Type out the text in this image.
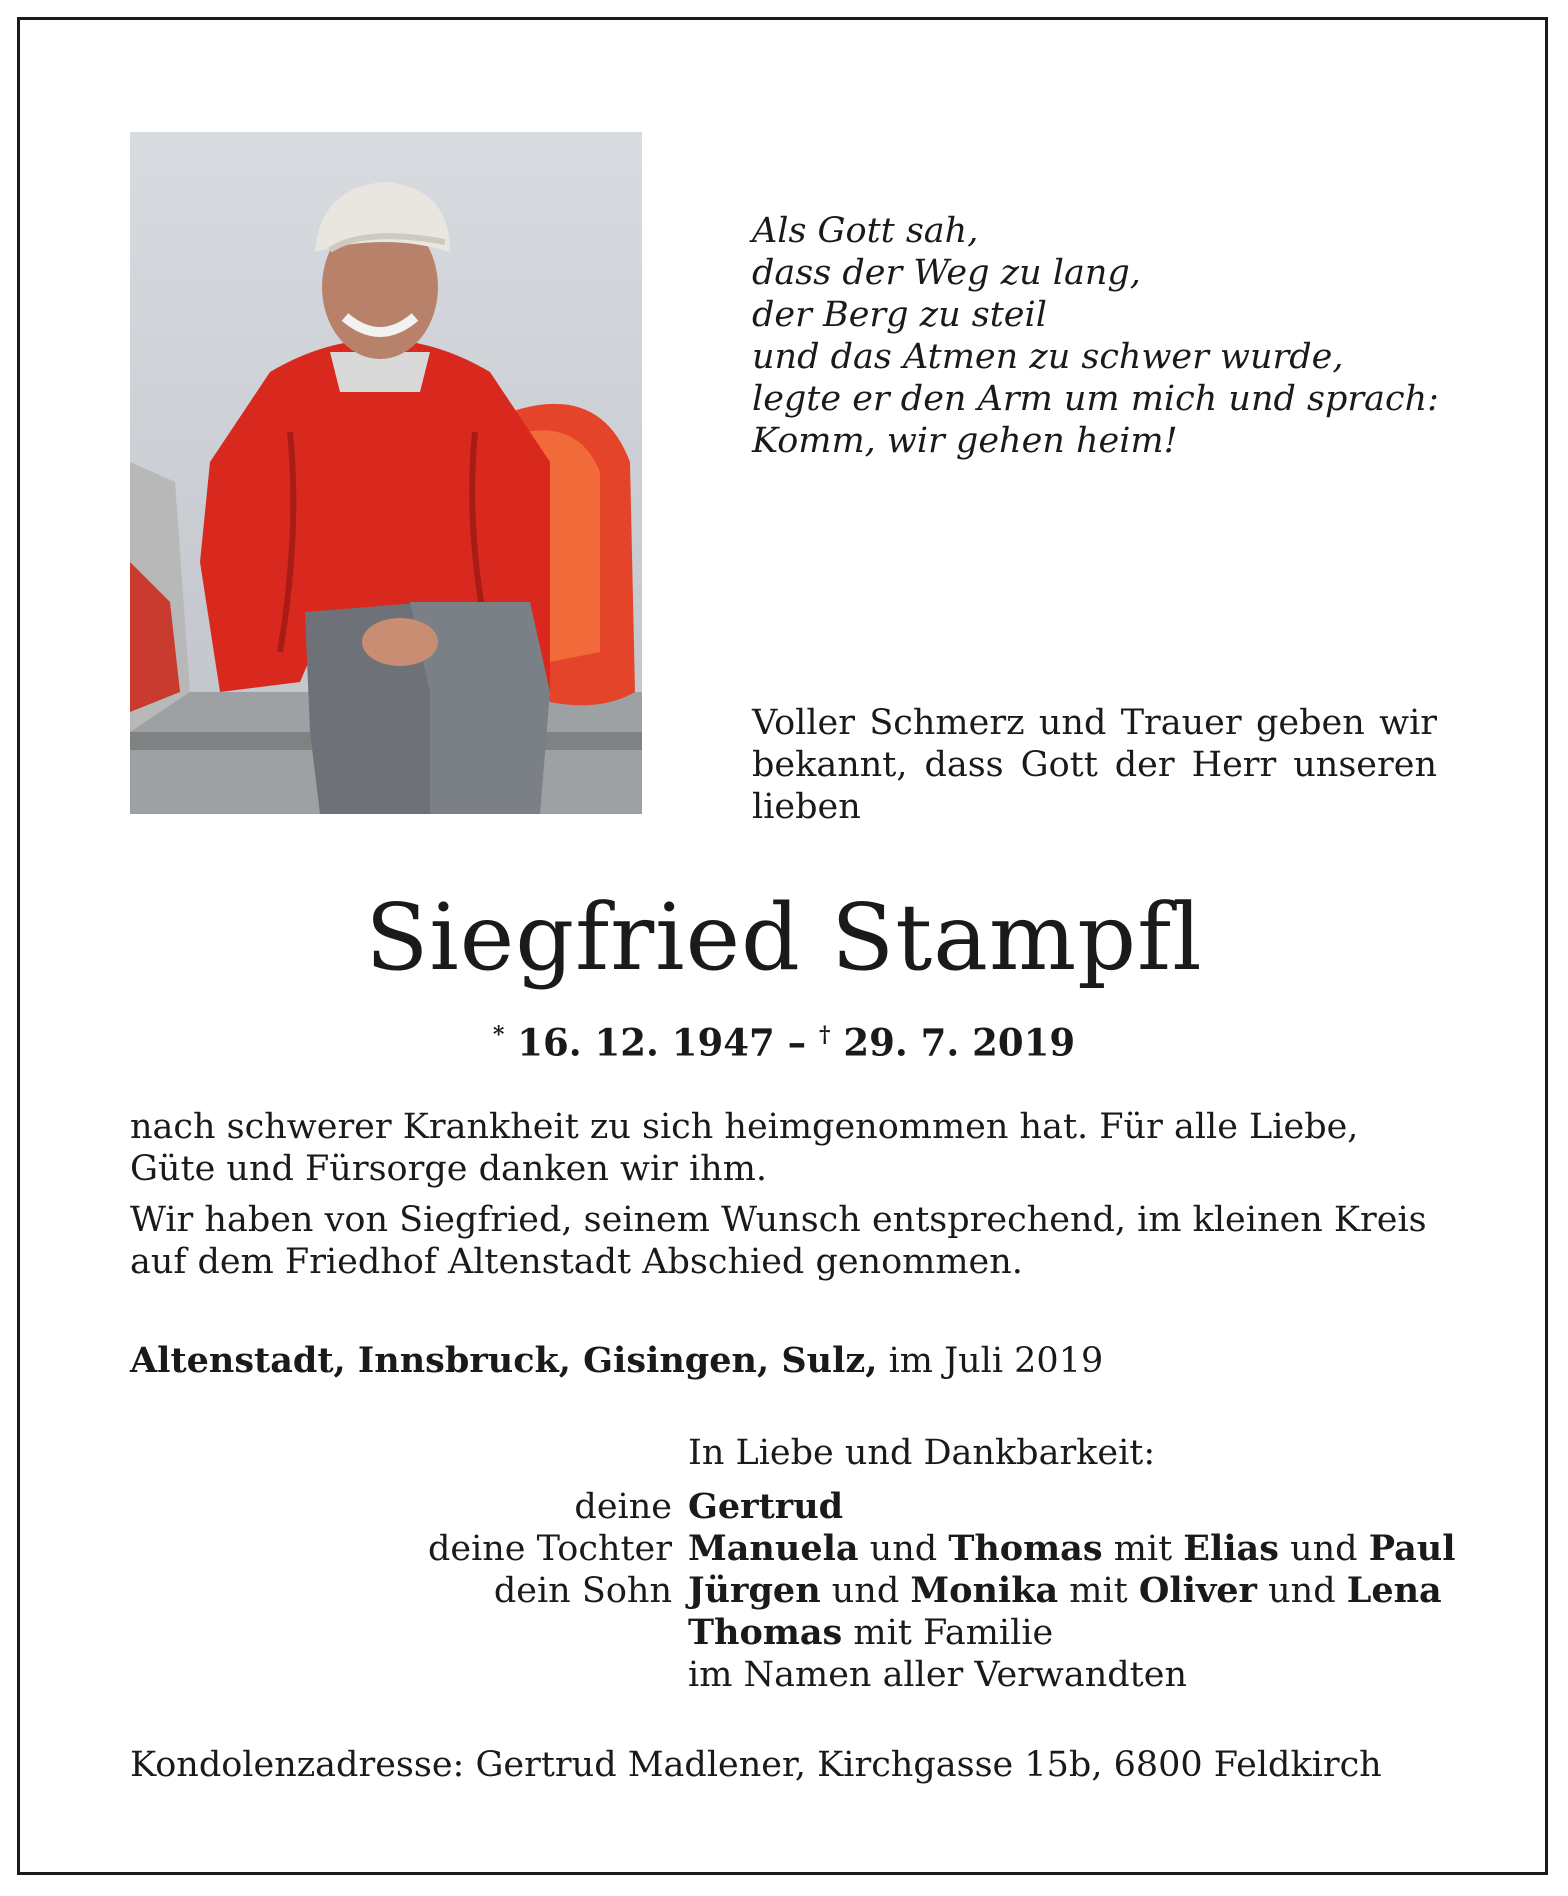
Als Gott sah,
dass der Weg zu lang,
der Berg zu steil
und das Atmen zu schwer wurde,
legte er den Arm um mich und sprach:
Komm, wir gehen heim!
Voller Schmerz und Trauer geben wir bekannt, dass Gott der Herr unseren lieben
Siegfried Stampfl
* 16. 12. 1947 – † 29. 7. 2019
nach schwerer Krankheit zu sich heimgenommen hat. Für alle Liebe, Güte und Fürsorge danken wir ihm.
Wir haben von Siegfried, seinem Wunsch entsprechend, im kleinen Kreis auf dem Friedhof Altenstadt Abschied genommen.
Altenstadt, Innsbruck, Gisingen, Sulz, im Juli 2019
In Liebe und Dankbarkeit:
deine Gertrud
deine Tochter Manuela und Thomas mit Elias und Paul
dein Sohn Jürgen und Monika mit Oliver und Lena
Thomas mit Familie
im Namen aller Verwandten
Kondolenzadresse: Gertrud Madlener, Kirchgasse 15b, 6800 Feldkirch
